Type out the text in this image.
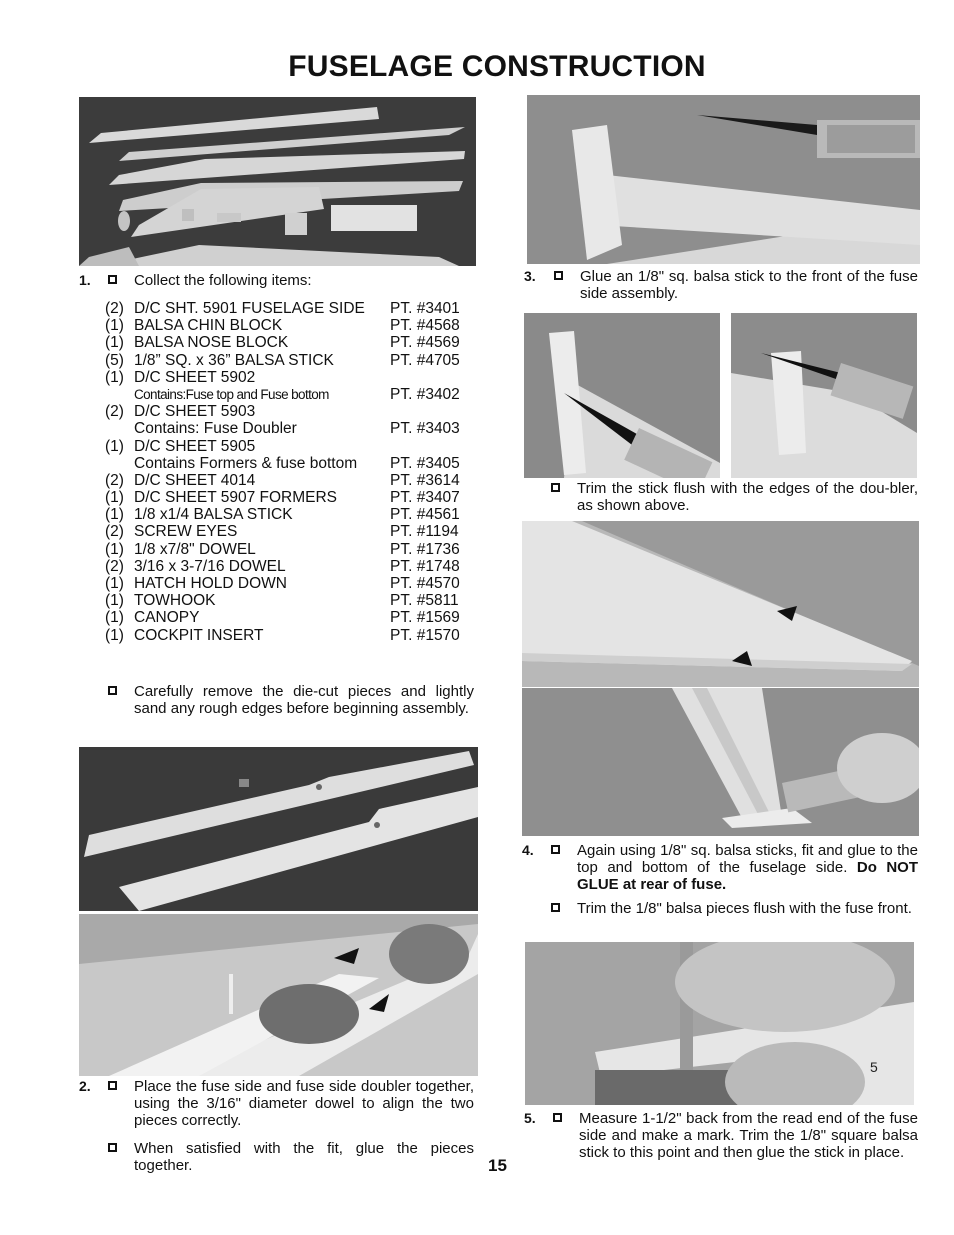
FUSELAGE CONSTRUCTION
1.	Collect the following items:
(2) D/C SHT. 5901 FUSELAGE SIDE	PT. #3401
(1) BALSA CHIN BLOCK	PT. #4568
(1) BALSA NOSE BLOCK	PT. #4569
(5) 1/8” SQ. x 36” BALSA STICK	PT. #4705
(1) D/C SHEET 5902
Contains:Fuse top and Fuse bottom	PT. #3402
(2) D/C SHEET 5903
Contains: Fuse Doubler	PT. #3403
(1) D/C SHEET 5905
Contains Formers & fuse bottom	PT. #3405
(2) D/C SHEET 4014	PT. #3614
(1) D/C SHEET 5907 FORMERS	PT. #3407
(1) 1/8 x1/4 BALSA STICK	PT. #4561
(2) SCREW EYES	PT. #1194
(1) 1/8 x7/8" DOWEL	PT. #1736
(2) 3/16 x 3-7/16 DOWEL	PT. #1748
(1) HATCH HOLD DOWN	PT. #4570
(1) TOWHOOK	PT. #5811
(1) CANOPY	PT. #1569
(1) COCKPIT INSERT	PT. #1570
Carefully remove the die-cut pieces and lightly sand any rough edges before beginning assembly.
2.	Place the fuse side and fuse side doubler together, using the 3/16" diameter dowel to align the two pieces correctly.
When satisfied with the fit, glue the pieces together.	15
3.	Glue an 1/8" sq. balsa stick to the front of the fuse side assembly.
Trim the stick flush with the edges of the dou-bler, as shown above.
4.	Again using 1/8" sq. balsa sticks, fit and glue to the top and bottom of the fuselage side. Do NOT GLUE at rear of fuse.
Trim the 1/8" balsa pieces flush with the fuse front.
5
5.	Measure 1-1/2" back from the read end of the fuse side and make a mark. Trim the 1/8" square balsa stick to this point and then glue the stick in place.
